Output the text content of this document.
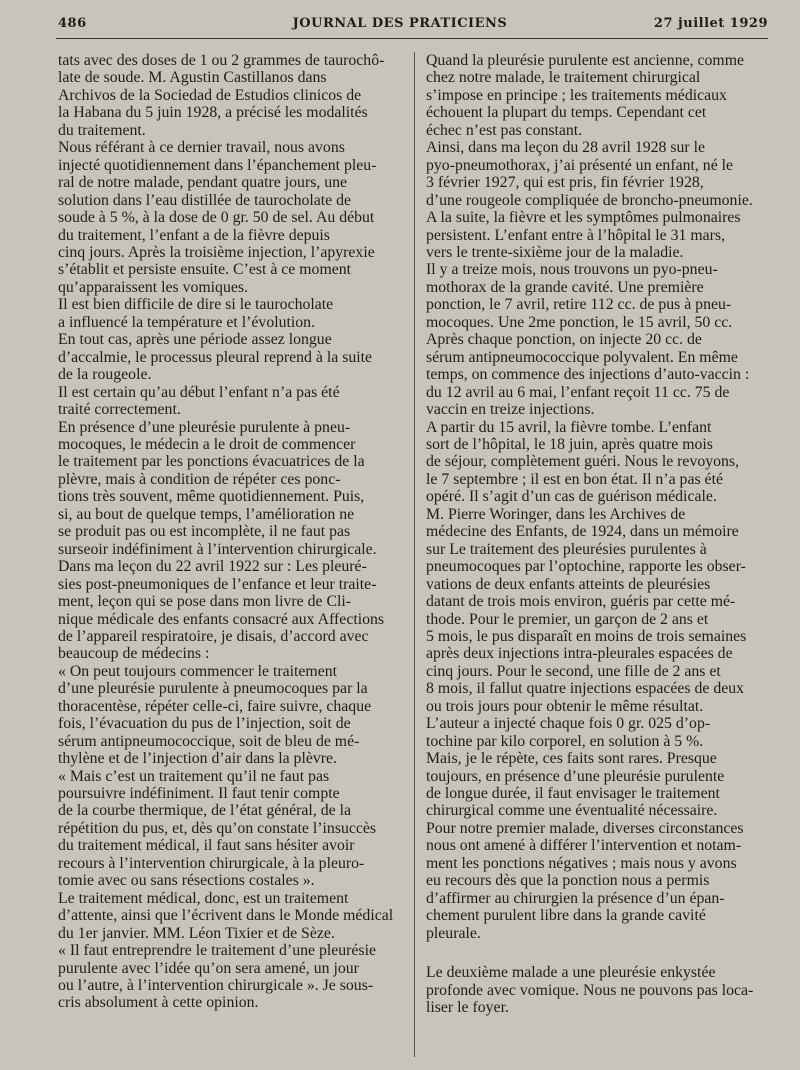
486	JOURNAL DES PRATICIENS	27 juillet 1929
tats avec des doses de 1 ou 2 grammes de taurochô-
late de soude. M. Agustin Castillanos dans
Archivos de la Sociedad de Estudios clinicos de
la Habana du 5 juin 1928, a précisé les modalités
du traitement.
Nous référant à ce dernier travail, nous avons
injecté quotidiennement dans l’épanchement pleu-
ral de notre malade, pendant quatre jours, une
solution dans l’eau distillée de taurocholate de
soude à 5 %, à la dose de 0 gr. 50 de sel. Au début
du traitement, l’enfant a de la fièvre depuis
cinq jours. Après la troisième injection, l’apyrexie
s’établit et persiste ensuite. C’est à ce moment
qu’apparaissent les vomiques.
Il est bien difficile de dire si le taurocholate
a influencé la température et l’évolution.
En tout cas, après une période assez longue
d’accalmie, le processus pleural reprend à la suite
de la rougeole.
Il est certain qu’au début l’enfant n’a pas été
traité correctement.
En présence d’une pleurésie purulente à pneu-
mocoques, le médecin a le droit de commencer
le traitement par les ponctions évacuatrices de la
plèvre, mais à condition de répéter ces ponc-
tions très souvent, même quotidiennement. Puis,
si, au bout de quelque temps, l’amélioration ne
se produit pas ou est incomplète, il ne faut pas
surseoir indéfiniment à l’intervention chirurgicale.
Dans ma leçon du 22 avril 1922 sur : Les pleuré-
sies post-pneumoniques de l’enfance et leur traite-
ment, leçon qui se pose dans mon livre de Cli-
nique médicale des enfants consacré aux Affections
de l’appareil respiratoire, je disais, d’accord avec
beaucoup de médecins :
« On peut toujours commencer le traitement
d’une pleurésie purulente à pneumocoques par la
thoracentèse, répéter celle-ci, faire suivre, chaque
fois, l’évacuation du pus de l’injection, soit de
sérum antipneumococcique, soit de bleu de mé-
thylène et de l’injection d’air dans la plèvre.
« Mais c’est un traitement qu’il ne faut pas
poursuivre indéfiniment. Il faut tenir compte
de la courbe thermique, de l’état général, de la
répétition du pus, et, dès qu’on constate l’insuccès
du traitement médical, il faut sans hésiter avoir
recours à l’intervention chirurgicale, à la pleuro-
tomie avec ou sans résections costales ».
Le traitement médical, donc, est un traitement
d’attente, ainsi que l’écrivent dans le Monde médical
du 1er janvier. MM. Léon Tixier et de Sèze.
« Il faut entreprendre le traitement d’une pleurésie
purulente avec l’idée qu’on sera amené, un jour
ou l’autre, à l’intervention chirurgicale ». Je sous-
cris absolument à cette opinion.
Quand la pleurésie purulente est ancienne, comme
chez notre malade, le traitement chirurgical
s’impose en principe ; les traitements médicaux
échouent la plupart du temps. Cependant cet
échec n’est pas constant.
Ainsi, dans ma leçon du 28 avril 1928 sur le
pyo-pneumothorax, j’ai présenté un enfant, né le
3 février 1927, qui est pris, fin février 1928,
d’une rougeole compliquée de broncho-pneumonie.
A la suite, la fièvre et les symptômes pulmonaires
persistent. L’enfant entre à l’hôpital le 31 mars,
vers le trente-sixième jour de la maladie.
Il y a treize mois, nous trouvons un pyo-pneu-
mothorax de la grande cavité. Une première
ponction, le 7 avril, retire 112 cc. de pus à pneu-
mocoques. Une 2me ponction, le 15 avril, 50 cc.
Après chaque ponction, on injecte 20 cc. de
sérum antipneumococcique polyvalent. En même
temps, on commence des injections d’auto-vaccin :
du 12 avril au 6 mai, l’enfant reçoit 11 cc. 75 de
vaccin en treize injections.
A partir du 15 avril, la fièvre tombe. L’enfant
sort de l’hôpital, le 18 juin, après quatre mois
de séjour, complètement guéri. Nous le revoyons,
le 7 septembre ; il est en bon état. Il n’a pas été
opéré. Il s’agit d’un cas de guérison médicale.
M. Pierre Woringer, dans les Archives de
médecine des Enfants, de 1924, dans un mémoire
sur Le traitement des pleurésies purulentes à
pneumocoques par l’optochine, rapporte les obser-
vations de deux enfants atteints de pleurésies
datant de trois mois environ, guéris par cette mé-
thode. Pour le premier, un garçon de 2 ans et
5 mois, le pus disparaît en moins de trois semaines
après deux injections intra-pleurales espacées de
cinq jours. Pour le second, une fille de 2 ans et
8 mois, il fallut quatre injections espacées de deux
ou trois jours pour obtenir le même résultat.
L’auteur a injecté chaque fois 0 gr. 025 d’op-
tochine par kilo corporel, en solution à 5 %.
Mais, je le répète, ces faits sont rares. Presque
toujours, en présence d’une pleurésie purulente
de longue durée, il faut envisager le traitement
chirurgical comme une éventualité nécessaire.
Pour notre premier malade, diverses circonstances
nous ont amené à différer l’intervention et notam-
ment les ponctions négatives ; mais nous y avons
eu recours dès que la ponction nous a permis
d’affirmer au chirurgien la présence d’un épan-
chement purulent libre dans la grande cavité
pleurale.
Le deuxième malade a une pleurésie enkystée
profonde avec vomique. Nous ne pouvons pas loca-
liser le foyer.
